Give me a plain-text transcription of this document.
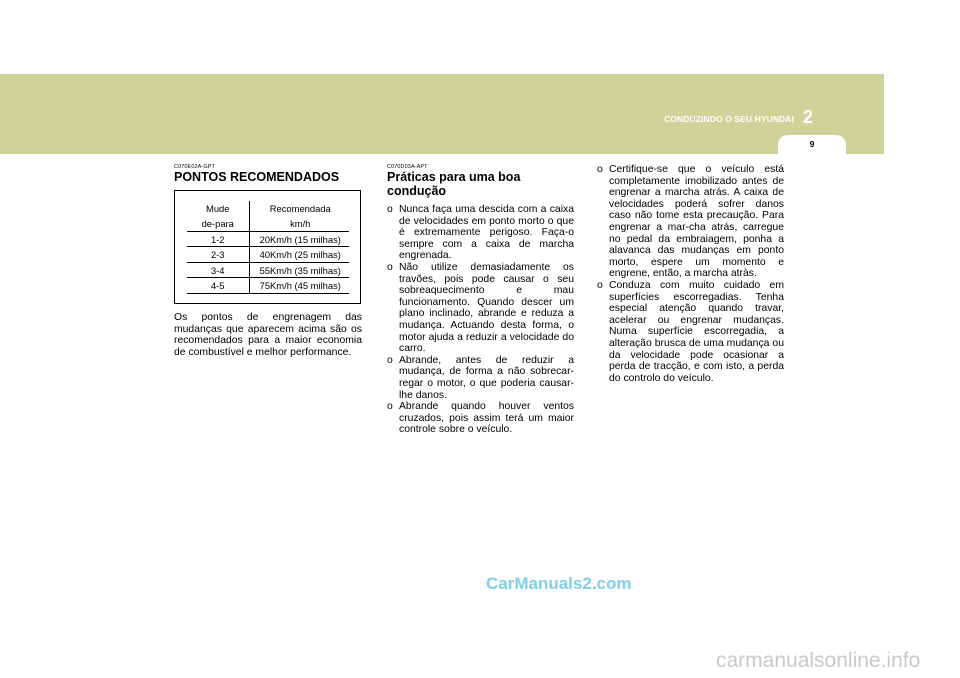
CONDUZINDO O SEU HYUNDAI 2
9
C070E02A-GPT
PONTOS RECOMENDADOS
Mude	Recomendada
de-para	km/h
1-2	20Km/h (15 milhas)
2-3	40Km/h (25 milhas)
3-4	55Km/h (35 milhas)
4-5	75Km/h (45 milhas)

Os pontos de engrenagem das mudanças que aparecem acima são os recomendados para a maior economia de combustível e melhor performance.

C070D03A-APT
Práticas para uma boa condução
o Nunca faça uma descida com a caixa de velocidades em ponto morto o que é extremamente perigoso. Faça-o sempre com a caixa de marcha engrenada.
o Não utilize demasiadamente os travões, pois pode causar o seu sobreaquecimento e mau funcionamento. Quando descer um plano inclinado, abrande e reduza a mudança. Actuando desta forma, o motor ajuda a reduzir a velocidade do carro.
o Abrande, antes de reduzir a mudança, de forma a não sobrecar-regar o motor, o que poderia causar-lhe danos.
o Abrande quando houver ventos cruzados, pois assim terá um maior controle sobre o veículo.
o Certifique-se que o veículo está completamente imobilizado antes de engrenar a marcha atrás. A caixa de velocidades poderá sofrer danos caso não tome esta precaução. Para engrenar a mar-cha atrás, carregue no pedal da embraiagem, ponha a alavanca das mudanças em ponto morto, espere um momento e engrene, então, a marcha atràs.
o Conduza com muito cuidado em superfícies escorregadias. Tenha especial atenção quando travar, acelerar ou engrenar mudanças. Numa superfície escorregadia, a alteração brusca de uma mudança ou da velocidade pode ocasionar a perda de tracção, e com isto, a perda do controlo do veículo.
CarManuals2.com
carmanualsonline.info
